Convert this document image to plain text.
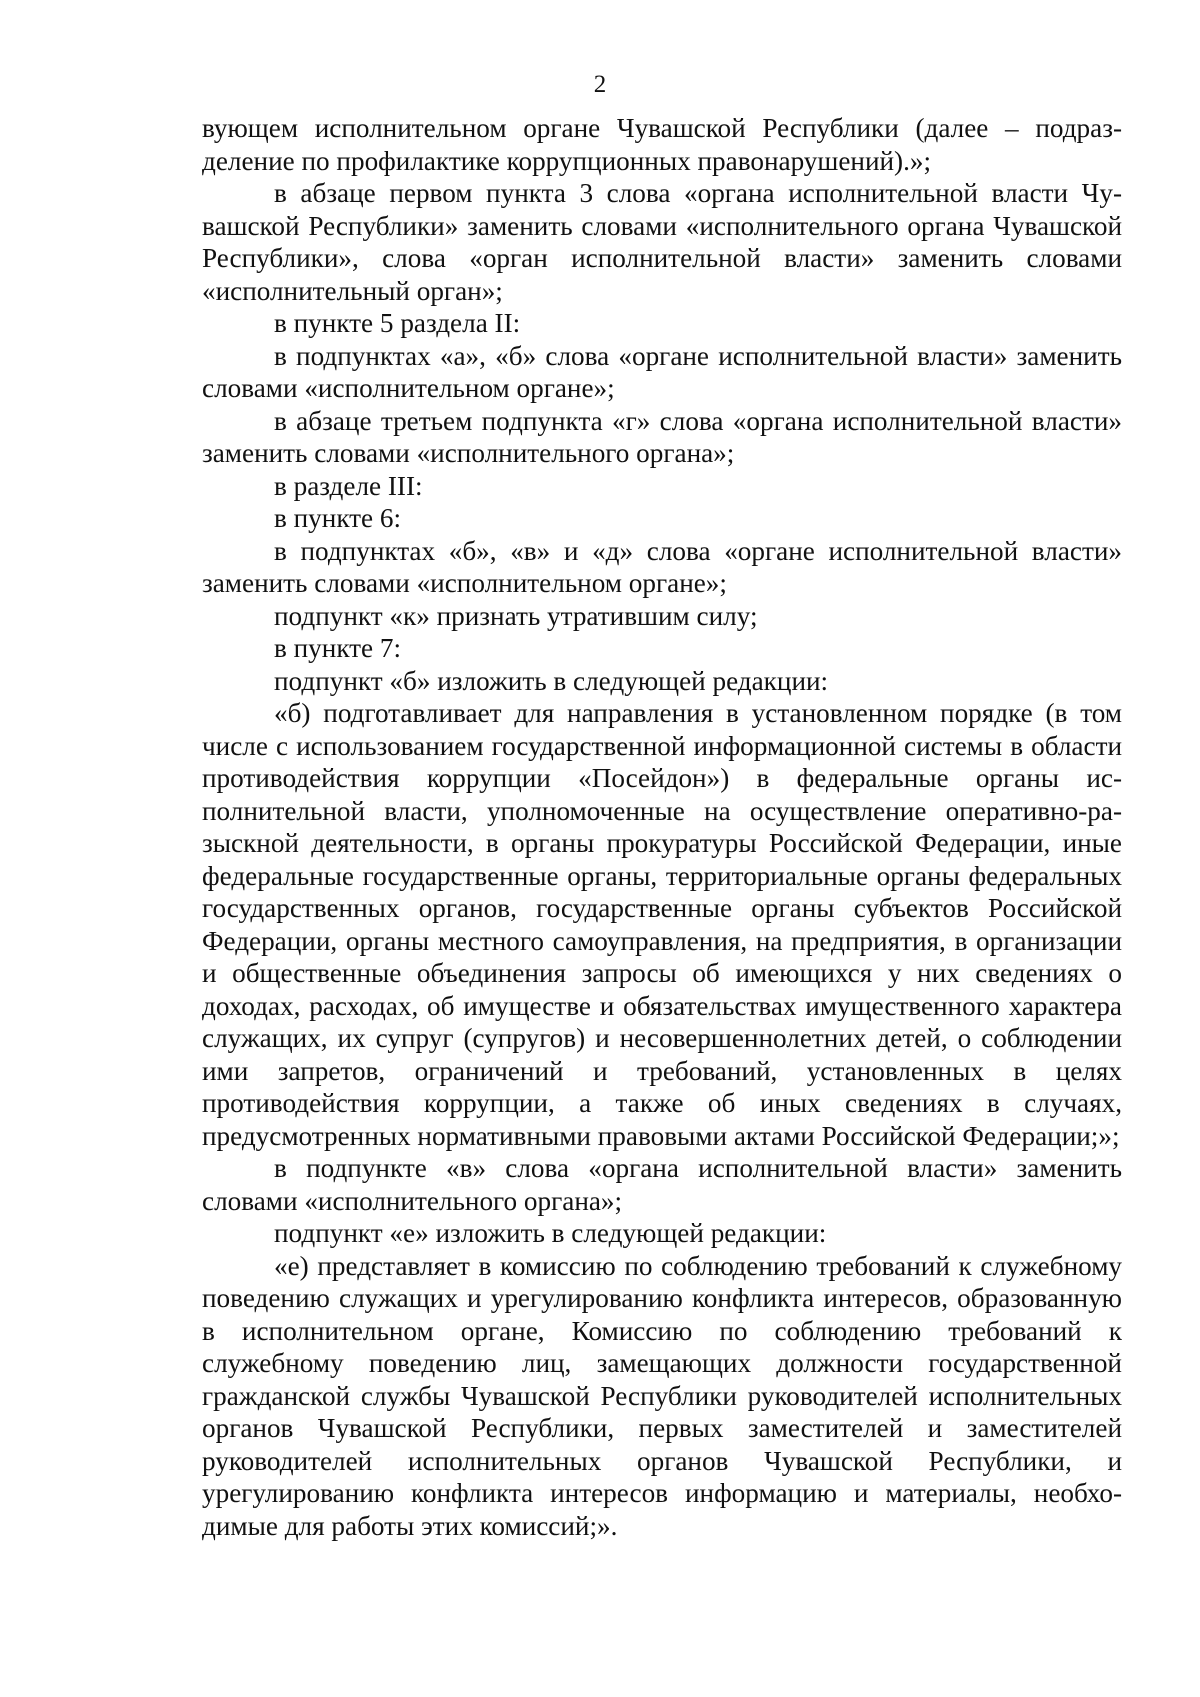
2

вующем исполнительном органе Чувашской Республики (далее – подразделение по профилактике коррупционных правонарушений).»;

в абзаце первом пункта 3 слова «органа исполнительной власти Чувашской Республики» заменить словами «исполнительного органа Чувашской Республики», слова «орган исполнительной власти» заменить словами «исполнительный орган»;

в пункте 5 раздела II:

в подпунктах «а», «б» слова «органе исполнительной власти» заменить словами «исполнительном органе»;

в абзаце третьем подпункта «г» слова «органа исполнительной власти» заменить словами «исполнительного органа»;

в разделе III:

в пункте 6:

в подпунктах «б», «в» и «д» слова «органе исполнительной власти» заменить словами «исполнительном органе»;

подпункт «к» признать утратившим силу;

в пункте 7:

подпункт «б» изложить в следующей редакции:

«б) подготавливает для направления в установленном порядке (в том числе с использованием государственной информационной системы в области противодействия коррупции «Посейдон») в федеральные органы исполнительной власти, уполномоченные на осуществление оперативно-разыскной деятельности, в органы прокуратуры Российской Федерации, иные федеральные государственные органы, территориальные органы федеральных государственных органов, государственные органы субъектов Российской Федерации, органы местного самоуправления, на предприятия, в организации и общественные объединения запросы об имеющихся у них сведениях о доходах, расходах, об имуществе и обязательствах имущественного характера служащих, их супруг (супругов) и несовершеннолетних детей, о соблюдении ими запретов, ограничений и требований, установленных в целях противодействия коррупции, а также об иных сведениях в случаях, предусмотренных нормативными правовыми актами Российской Федерации;»;

в подпункте «в» слова «органа исполнительной власти» заменить словами «исполнительного органа»;

подпункт «е» изложить в следующей редакции:

«е) представляет в комиссию по соблюдению требований к служебному поведению служащих и урегулированию конфликта интересов, образованную в исполнительном органе, Комиссию по соблюдению требований к служебному поведению лиц, замещающих должности государственной гражданской службы Чувашской Республики руководителей исполнительных органов Чувашской Республики, первых заместителей и заместителей руководителей исполнительных органов Чувашской Республики, и урегулированию конфликта интересов информацию и материалы, необходимые для работы этих комиссий;».
